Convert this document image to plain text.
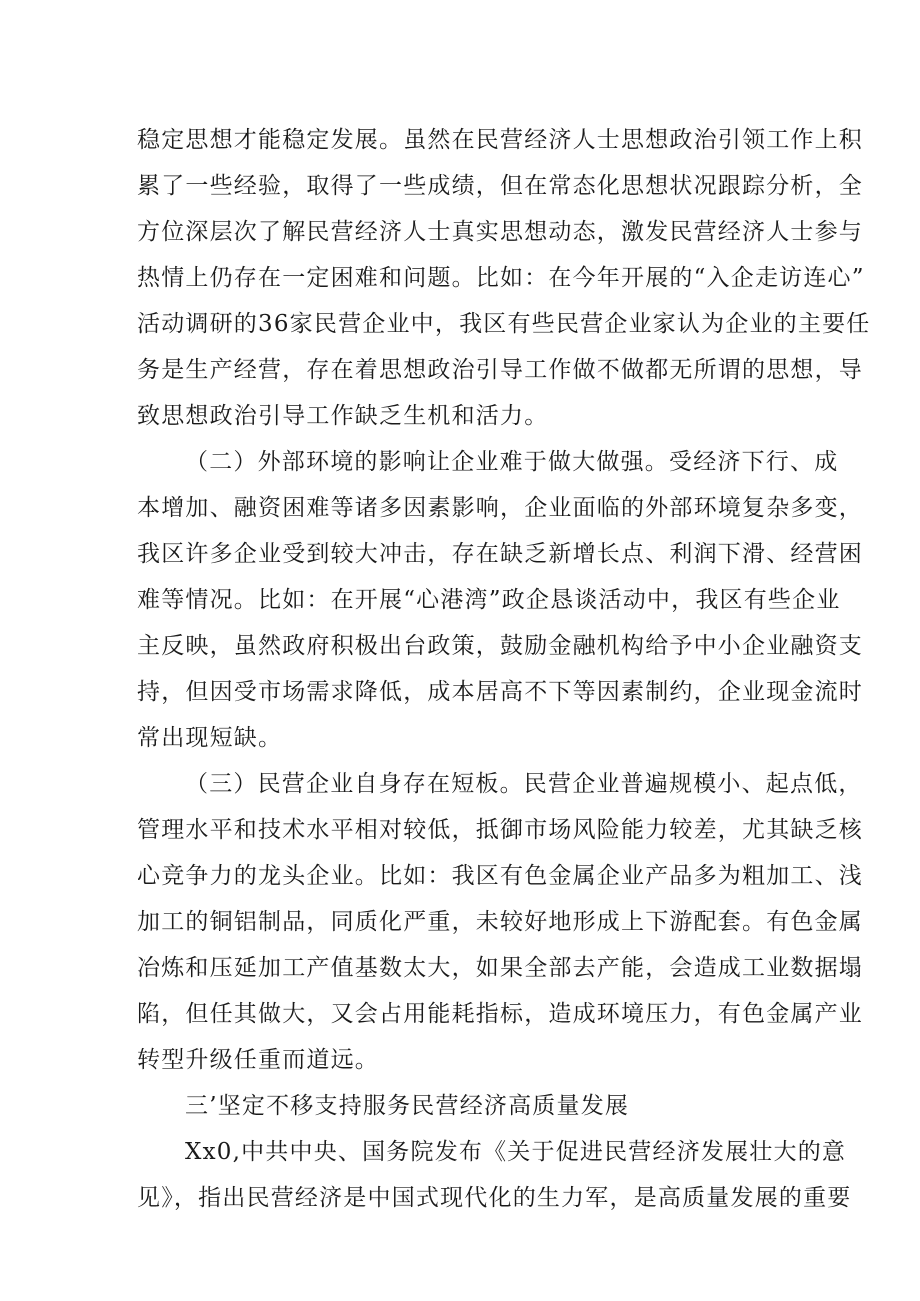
稳定思想才能稳定发展。虽然在民营经济人士思想政治引领工作上积
累了一些经验，取得了一些成绩，但在常态化思想状况跟踪分析，全
方位深层次了解民营经济人士真实思想动态，激发民营经济人士参与
热情上仍存在一定困难和问题。比如：在今年开展的“入企走访连心”
活动调研的36家民营企业中，我区有些民营企业家认为企业的主要任
务是生产经营，存在着思想政治引导工作做不做都无所谓的思想，导
致思想政治引导工作缺乏生机和活力。
（二）外部环境的影响让企业难于做大做强。受经济下行、成
本增加、融资困难等诸多因素影响，企业面临的外部环境复杂多变，
我区许多企业受到较大冲击，存在缺乏新增长点、利润下滑、经营困
难等情况。比如：在开展“心港湾”政企恳谈活动中，我区有些企业
主反映，虽然政府积极出台政策，鼓励金融机构给予中小企业融资支
持，但因受市场需求降低，成本居高不下等因素制约，企业现金流时
常出现短缺。
（三）民营企业自身存在短板。民营企业普遍规模小、起点低，
管理水平和技术水平相对较低，抵御市场风险能力较差，尤其缺乏核
心竞争力的龙头企业。比如：我区有色金属企业产品多为粗加工、浅
加工的铜铝制品，同质化严重，未较好地形成上下游配套。有色金属
冶炼和压延加工产值基数太大，如果全部去产能，会造成工业数据塌
陷，但任其做大，又会占用能耗指标，造成环境压力，有色金属产业
转型升级任重而道远。
三’坚定不移支持服务民营经济高质量发展
Xx0,中共中央、国务院发布《关于促进民营经济发展壮大的意
见》，指出民营经济是中国式现代化的生力军，是高质量发展的重要
